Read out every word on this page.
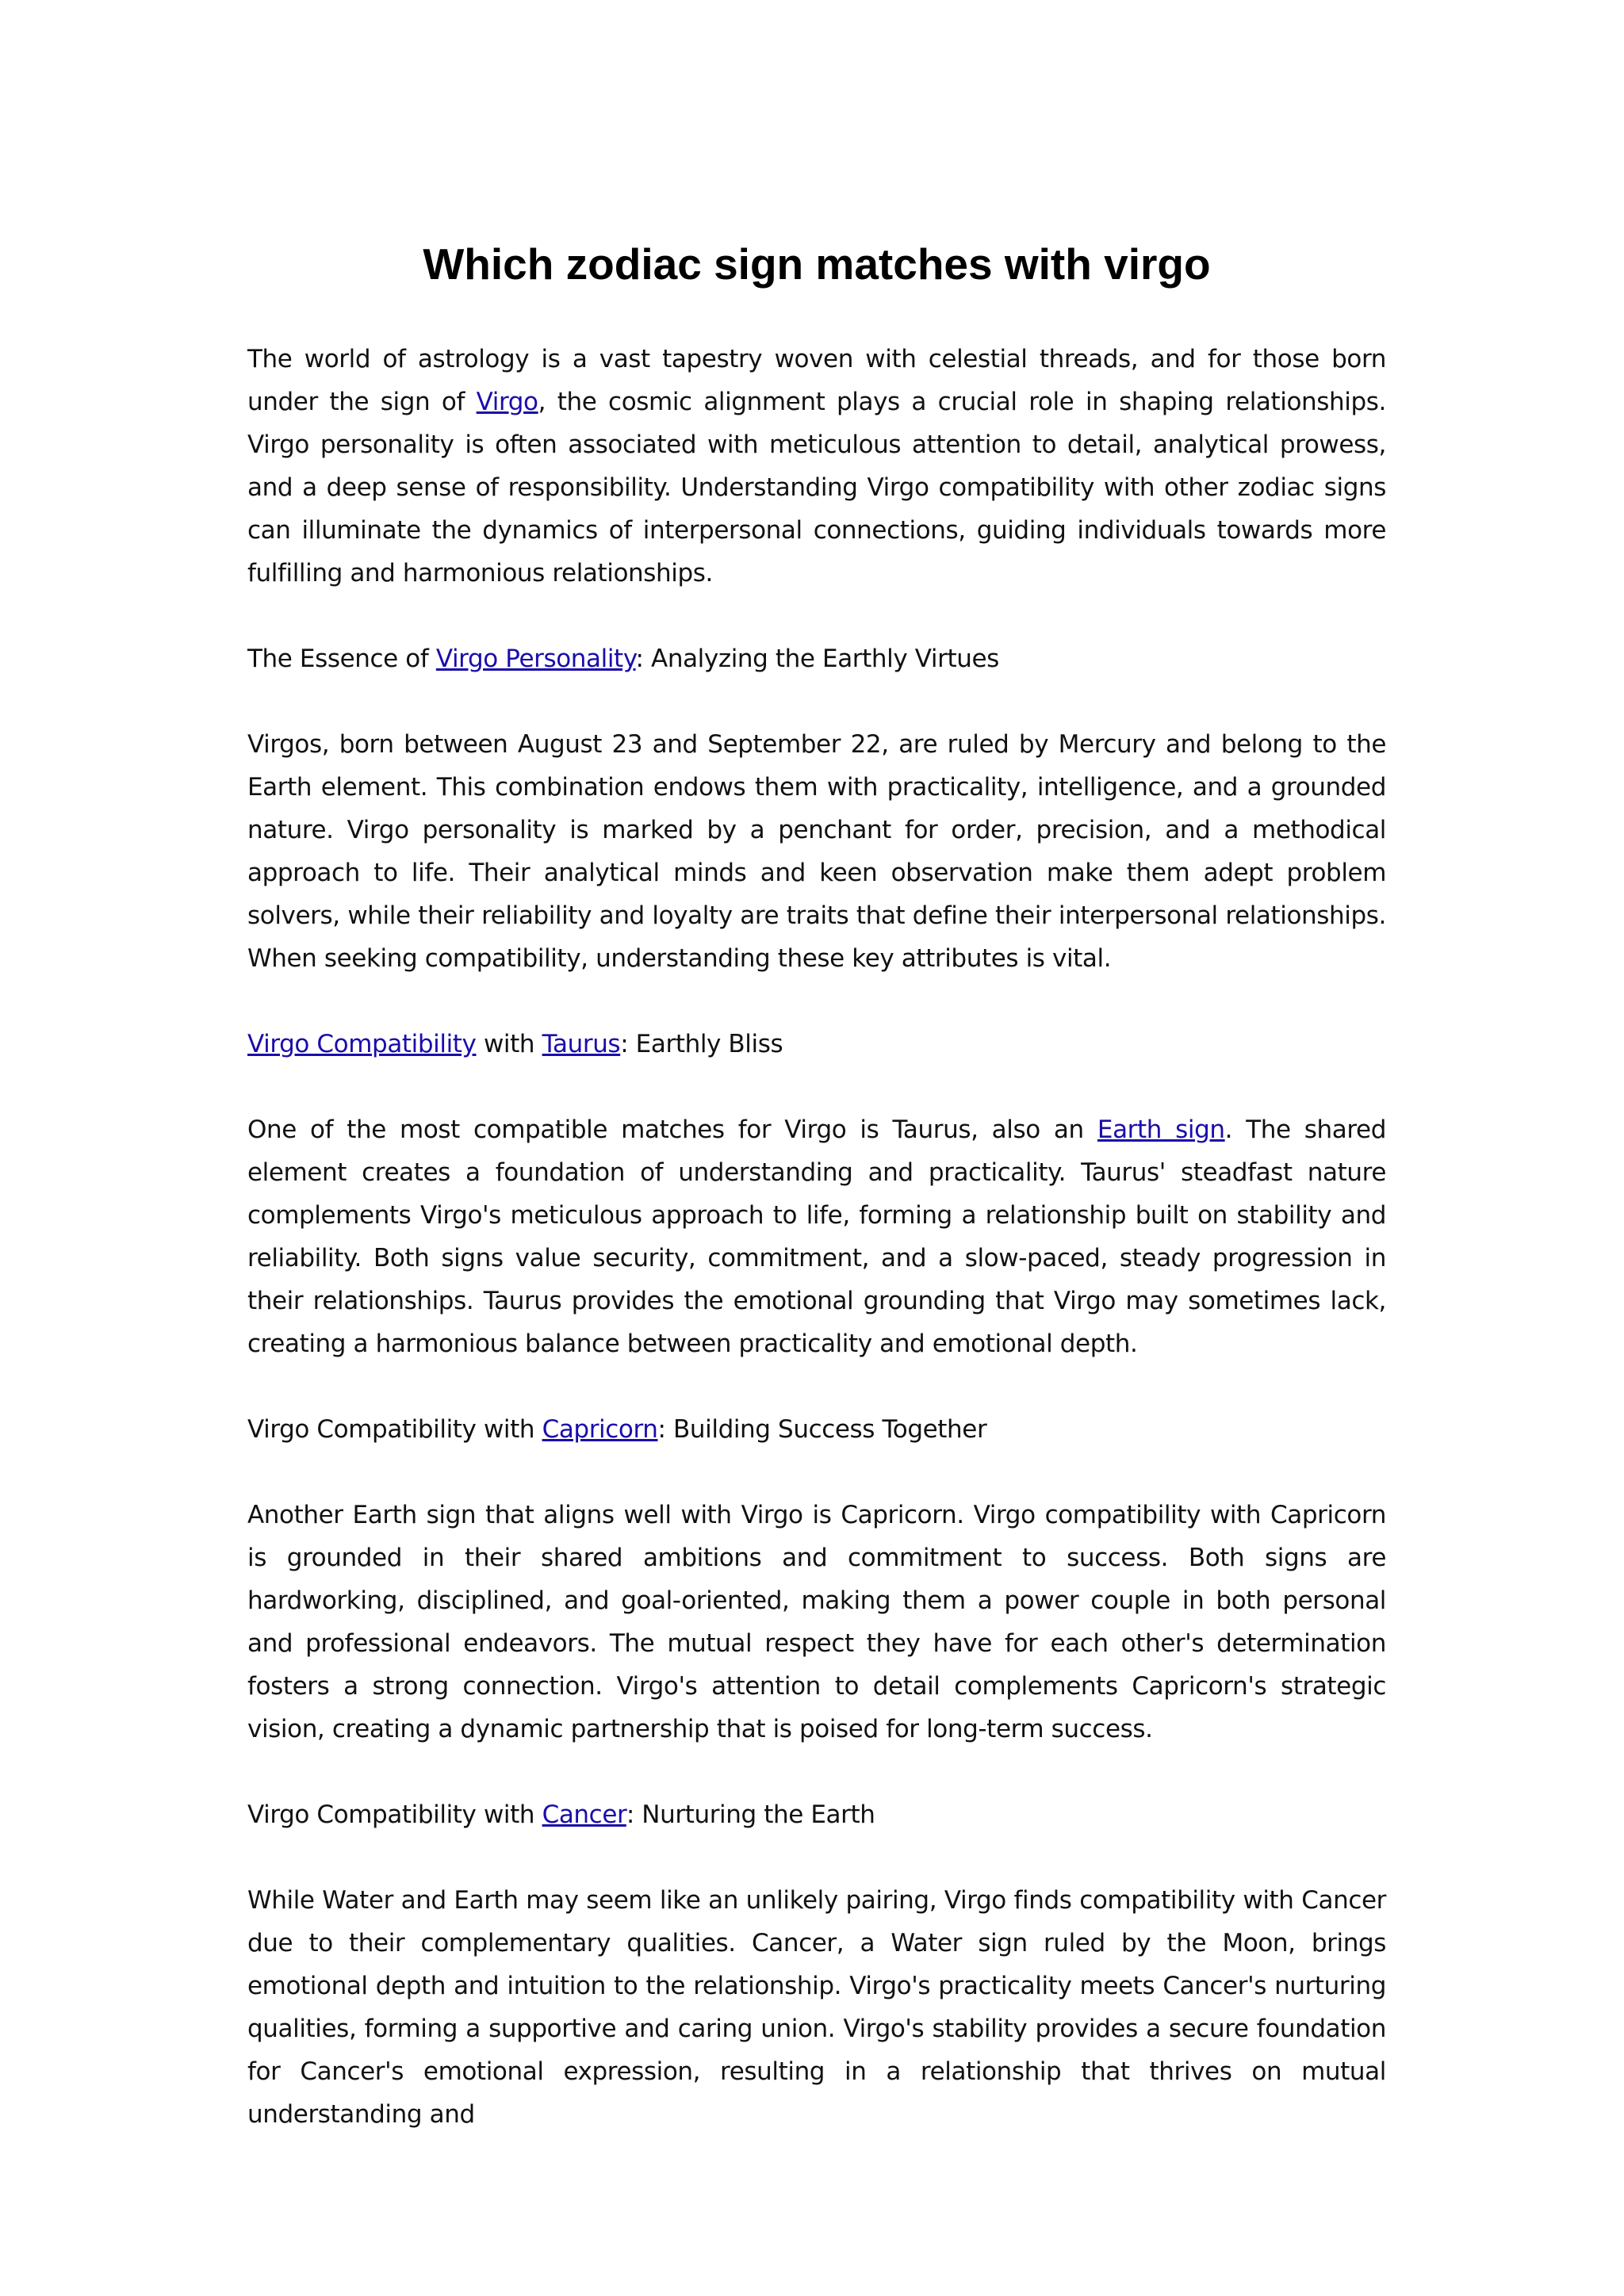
Which zodiac sign matches with virgo

The world of astrology is a vast tapestry woven with celestial threads, and for those born under the sign of Virgo, the cosmic alignment plays a crucial role in shaping relationships. Virgo personality is often associated with meticulous attention to detail, analytical prowess, and a deep sense of responsibility. Understanding Virgo compatibility with other zodiac signs can illuminate the dynamics of interpersonal connections, guiding individuals towards more fulfilling and harmonious relationships.

The Essence of Virgo Personality: Analyzing the Earthly Virtues

Virgos, born between August 23 and September 22, are ruled by Mercury and belong to the Earth element. This combination endows them with practicality, intelligence, and a grounded nature. Virgo personality is marked by a penchant for order, precision, and a methodical approach to life. Their analytical minds and keen observation make them adept problem solvers, while their reliability and loyalty are traits that define their interpersonal relationships. When seeking compatibility, understanding these key attributes is vital.

Virgo Compatibility with Taurus: Earthly Bliss

One of the most compatible matches for Virgo is Taurus, also an Earth sign. The shared element creates a foundation of understanding and practicality. Taurus' steadfast nature complements Virgo's meticulous approach to life, forming a relationship built on stability and reliability. Both signs value security, commitment, and a slow-paced, steady progression in their relationships. Taurus provides the emotional grounding that Virgo may sometimes lack, creating a harmonious balance between practicality and emotional depth.

Virgo Compatibility with Capricorn: Building Success Together

Another Earth sign that aligns well with Virgo is Capricorn. Virgo compatibility with Capricorn is grounded in their shared ambitions and commitment to success. Both signs are hardworking, disciplined, and goal-oriented, making them a power couple in both personal and professional endeavors. The mutual respect they have for each other's determination fosters a strong connection. Virgo's attention to detail complements Capricorn's strategic vision, creating a dynamic partnership that is poised for long-term success.

Virgo Compatibility with Cancer: Nurturing the Earth

While Water and Earth may seem like an unlikely pairing, Virgo finds compatibility with Cancer due to their complementary qualities. Cancer, a Water sign ruled by the Moon, brings emotional depth and intuition to the relationship. Virgo's practicality meets Cancer's nurturing qualities, forming a supportive and caring union. Virgo's stability provides a secure foundation for Cancer's emotional expression, resulting in a relationship that thrives on mutual understanding and
